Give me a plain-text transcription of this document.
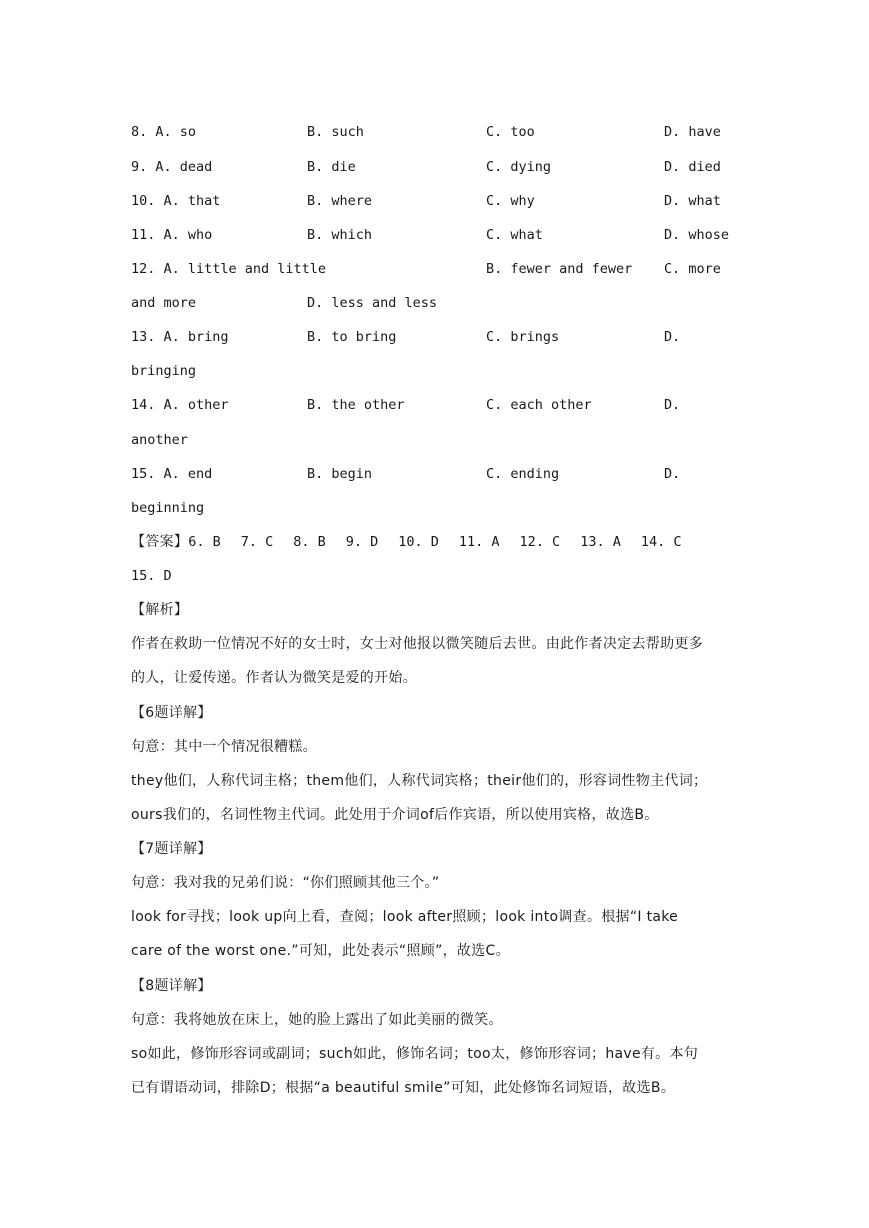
8. A. so	B. such	C. too	D. have
9. A. dead	B. die	C. dying	D. died
10. A. that	B. where	C. why	D. what
11. A. who	B. which	C. what	D. whose
12. A. little and little	B. fewer and fewer C. more
and more	D. less and less
13. A. bring	B. to bring	C. brings	D.
bringing
14. A. other	B. the other	C. each other	D.
another
15. A. end	B. begin	C. ending	D.
beginning
【答案】6. B 7. C 8. B 9. D 10. D 11. A 12. C 13. A 14. C
15. D
【解析】
作者在救助一位情况不好的女士时，女士对他报以微笑随后去世。由此作者决定去帮助更多
的人，让爱传递。作者认为微笑是爱的开始。
【6题详解】
句意：其中一个情况很糟糕。
they他们，人称代词主格；them他们，人称代词宾格；their他们的，形容词性物主代词；
ours我们的，名词性物主代词。此处用于介词of后作宾语，所以使用宾格，故选B。
【7题详解】
句意：我对我的兄弟们说：“你们照顾其他三个。”
look for寻找；look up向上看，查阅；look after照顾；look into调查。根据“I take
care of the worst one.”可知，此处表示“照顾”，故选C。
【8题详解】
句意：我将她放在床上，她的脸上露出了如此美丽的微笑。
so如此，修饰形容词或副词；such如此，修饰名词；too太，修饰形容词；have有。本句
已有谓语动词，排除D；根据“a beautiful smile”可知，此处修饰名词短语，故选B。
